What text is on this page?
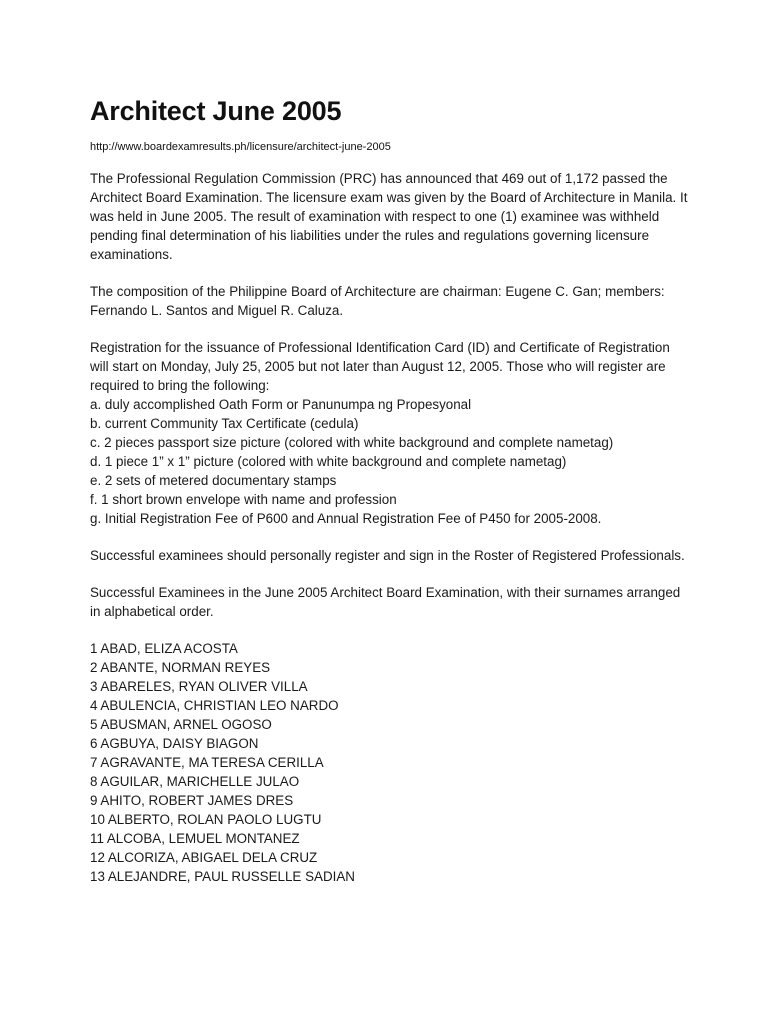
Architect June 2005
http://www.boardexamresults.ph/licensure/architect-june-2005

The Professional Regulation Commission (PRC) has announced that 469 out of 1,172 passed the Architect Board Examination. The licensure exam was given by the Board of Architecture in Manila. It was held in June 2005. The result of examination with respect to one (1) examinee was withheld pending final determination of his liabilities under the rules and regulations governing licensure examinations.

The composition of the Philippine Board of Architecture are chairman: Eugene C. Gan; members: Fernando L. Santos and Miguel R. Caluza.

Registration for the issuance of Professional Identification Card (ID) and Certificate of Registration will start on Monday, July 25, 2005 but not later than August 12, 2005. Those who will register are required to bring the following:
a. duly accomplished Oath Form or Panunumpa ng Propesyonal
b. current Community Tax Certificate (cedula)
c. 2 pieces passport size picture (colored with white background and complete nametag)
d. 1 piece 1” x 1” picture (colored with white background and complete nametag)
e. 2 sets of metered documentary stamps
f. 1 short brown envelope with name and profession
g. Initial Registration Fee of P600 and Annual Registration Fee of P450 for 2005-2008.

Successful examinees should personally register and sign in the Roster of Registered Professionals.

Successful Examinees in the June 2005 Architect Board Examination, with their surnames arranged in alphabetical order.

1 ABAD, ELIZA ACOSTA
2 ABANTE, NORMAN REYES
3 ABARELES, RYAN OLIVER VILLA
4 ABULENCIA, CHRISTIAN LEO NARDO
5 ABUSMAN, ARNEL OGOSO
6 AGBUYA, DAISY BIAGON
7 AGRAVANTE, MA TERESA CERILLA
8 AGUILAR, MARICHELLE JULAO
9 AHITO, ROBERT JAMES DRES
10 ALBERTO, ROLAN PAOLO LUGTU
11 ALCOBA, LEMUEL MONTANEZ
12 ALCORIZA, ABIGAEL DELA CRUZ
13 ALEJANDRE, PAUL RUSSELLE SADIAN
